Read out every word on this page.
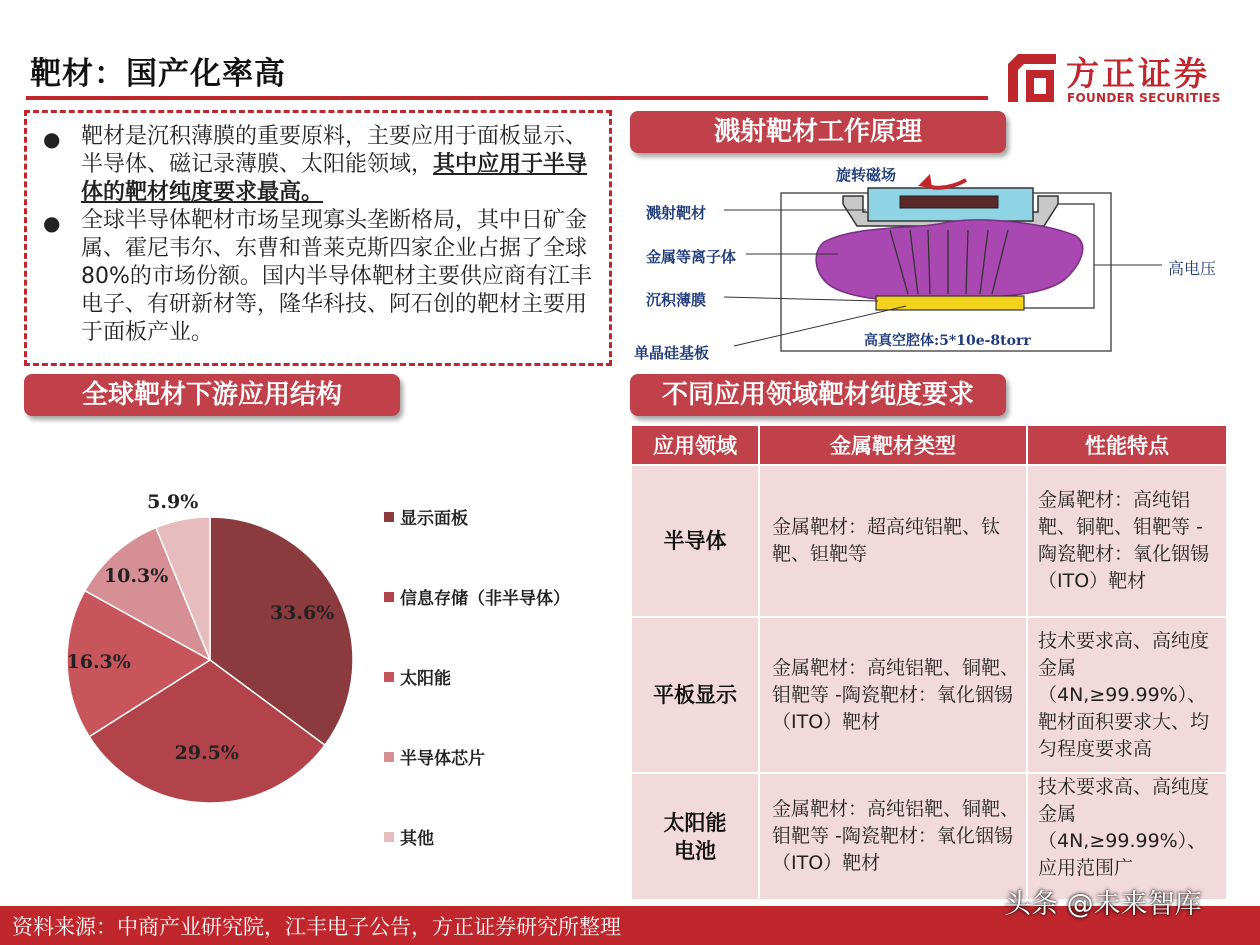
靶材：国产化率高	方正证券
FOUNDER SECURITIES
● 靶材是沉积薄膜的重要原料，主要应用于面板显示、半导体、磁记录薄膜、太阳能领域，其中应用于半导体的靶材纯度要求最高。
● 全球半导体靶材市场呈现寡头垄断格局，其中日矿金属、霍尼韦尔、东曹和普莱克斯四家企业占据了全球80%的市场份额。国内半导体靶材主要供应商有江丰电子、有研新材等，隆华科技、阿石创的靶材主要用于面板产业。
溅射靶材工作原理
旋转磁场
溅射靶材
金属等离子体
沉积薄膜
单晶硅基板
高真空腔体:5*10e-8torr
高电压
全球靶材下游应用结构
33.6%
29.5%
16.3%
10.3%
5.9%
显示面板
信息存储（非半导体）
太阳能
半导体芯片
其他
不同应用领域靶材纯度要求
应用领域	金属靶材类型	性能特点
半导体	金属靶材：超高纯铝靶、钛靶、钽靶等	金属靶材：高纯铝靶、铜靶、钼靶等 -陶瓷靶材：氧化铟锡（ITO）靶材
平板显示	金属靶材：高纯铝靶、铜靶、钼靶等 -陶瓷靶材：氧化铟锡（ITO）靶材	技术要求高、高纯度金属（4N,≥99.99%）、靶材面积要求大、均匀程度要求高
太阳能电池	金属靶材：高纯铝靶、铜靶、钼靶等 -陶瓷靶材：氧化铟锡（ITO）靶材	技术要求高、高纯度金属（4N,≥99.99%）、应用范围广
资料来源：中商产业研究院，江丰电子公告，方正证券研究所整理
头条 @未来智库
